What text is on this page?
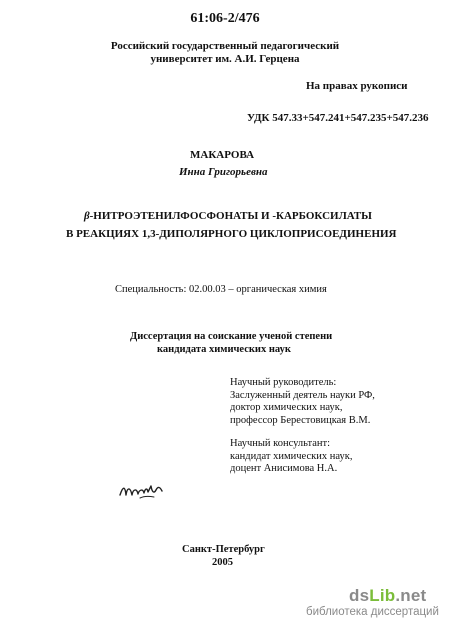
61:06-2/476
Российский государственный педагогический
университет им. А.И. Герцена
На правах рукописи
УДК 547.33+547.241+547.235+547.236
МАКАРОВА
Инна Григорьевна
β-НИТРОЭТЕНИЛФОСФОНАТЫ И -КАРБОКСИЛАТЫ
В РЕАКЦИЯХ 1,3-ДИПОЛЯРНОГО ЦИКЛОПРИСОЕДИНЕНИЯ
Специальность: 02.00.03 – органическая химия
Диссертация на соискание ученой степени
кандидата химических наук
Научный руководитель:
Заслуженный деятель науки РФ,
доктор химических наук,
профессор Берестовицкая В.М.
Научный консультант:
кандидат химических наук,
доцент Анисимова Н.А.
Санкт-Петербург
2005
dsLib.net
библиотека диссертаций
